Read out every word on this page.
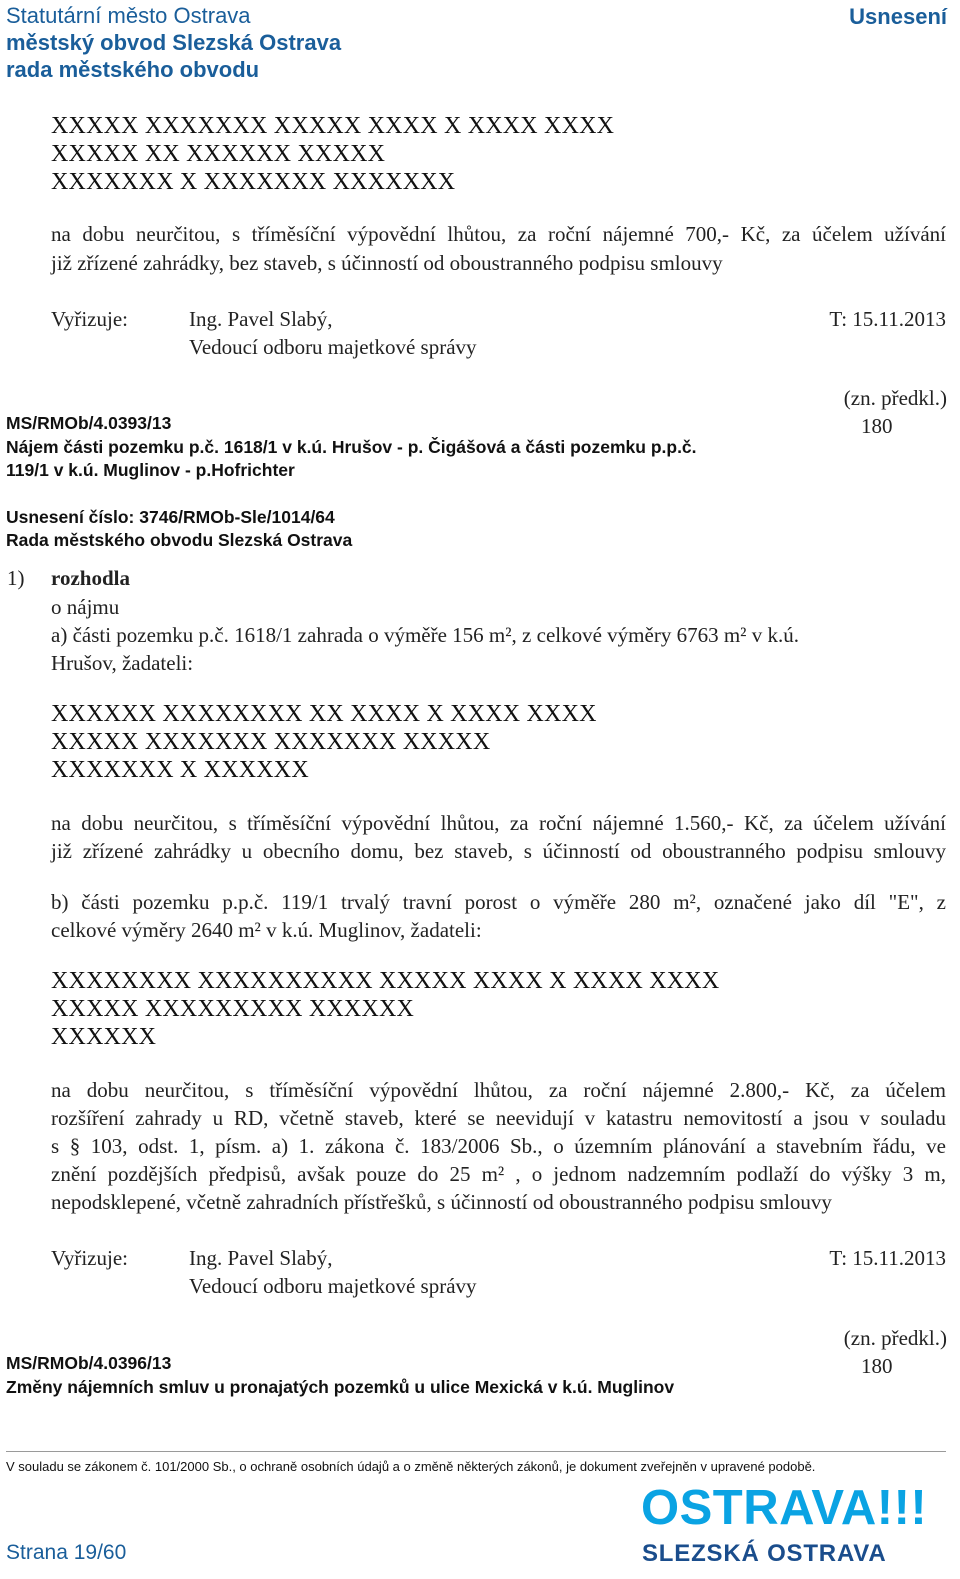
Statutární město Ostrava
městský obvod Slezská Ostrava
rada městského obvodu
Usnesení
XXXXX XXXXXXX XXXXX XXXX X XXXX XXXX
XXXXX XX XXXXXX XXXXX
XXXXXXX X XXXXXXX XXXXXXX
na dobu neurčitou, s tříměsíční výpovědní lhůtou, za roční nájemné 700,- Kč, za účelem užívání
již zřízené zahrádky, bez staveb, s účinností od oboustranného podpisu smlouvy
Vyřizuje:	Ing. Pavel Slabý,
Vedoucí odboru majetkové správy
T: 15.11.2013
(zn. předkl.)
180
MS/RMOb/4.0393/13
Nájem části pozemku p.č. 1618/1 v k.ú. Hrušov - p. Čigášová a části pozemku p.p.č.
119/1 v k.ú. Muglinov - p.Hofrichter
Usnesení číslo: 3746/RMOb-Sle/1014/64
Rada městského obvodu Slezská Ostrava
1) rozhodla
o nájmu
a) části pozemku p.č. 1618/1 zahrada o výměře 156 m², z celkové výměry 6763 m² v k.ú.
Hrušov, žadateli:
XXXXXX XXXXXXXX XX XXXX X XXXX XXXX
XXXXX XXXXXXX XXXXXXX XXXXX
XXXXXXX X XXXXXX
na dobu neurčitou, s tříměsíční výpovědní lhůtou, za roční nájemné 1.560,- Kč, za účelem užívání
již zřízené zahrádky u obecního domu, bez staveb, s účinností od oboustranného podpisu smlouvy
b) části pozemku p.p.č. 119/1 trvalý travní porost o výměře 280 m², označené jako díl "E", z
celkové výměry 2640 m² v k.ú. Muglinov, žadateli:
XXXXXXXX XXXXXXXXXX XXXXX XXXX X XXXX XXXX
XXXXX XXXXXXXXX XXXXXX
XXXXXX
na dobu neurčitou, s tříměsíční výpovědní lhůtou, za roční nájemné 2.800,- Kč, za účelem
rozšíření zahrady u RD, včetně staveb, které se neevidují v katastru nemovitostí a jsou v souladu
s § 103, odst. 1, písm. a) 1. zákona č. 183/2006 Sb., o územním plánování a stavebním řádu, ve
znění pozdějších předpisů, avšak pouze do 25 m² , o jednom nadzemním podlaží do výšky 3 m,
nepodsklepené, včetně zahradních přístřešků, s účinností od oboustranného podpisu smlouvy
Vyřizuje:	Ing. Pavel Slabý,
Vedoucí odboru majetkové správy
T: 15.11.2013
(zn. předkl.)
180
MS/RMOb/4.0396/13
Změny nájemních smluv u pronajatých pozemků u ulice Mexická v k.ú. Muglinov
V souladu se zákonem č. 101/2000 Sb., o ochraně osobních údajů a o změně některých zákonů, je dokument zveřejněn v upravené podobě.
Strana 19/60
OSTRAVA!!!
SLEZSKÁ OSTRAVA
